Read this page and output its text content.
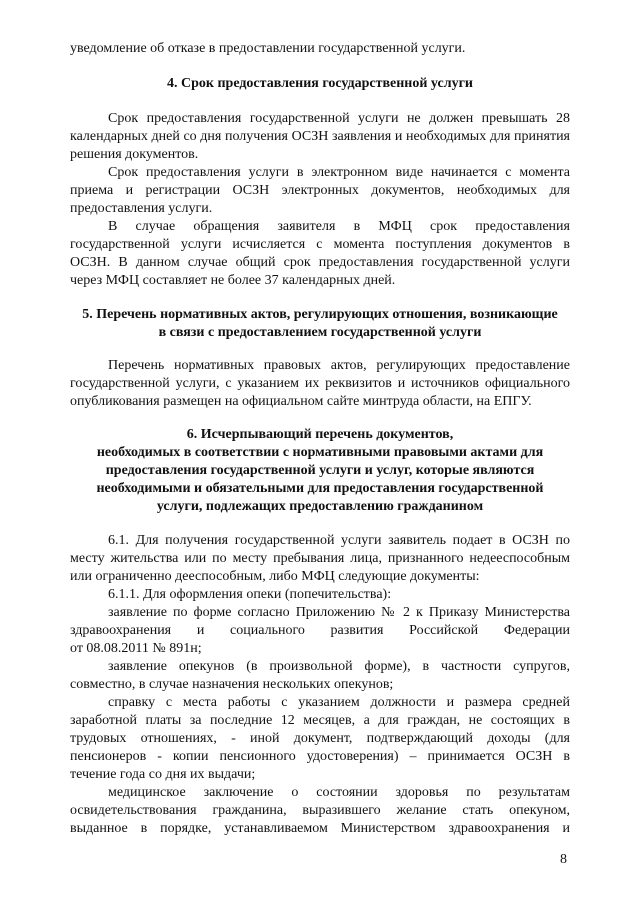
уведомление об отказе в предоставлении государственной услуги.
4. Срок предоставления государственной услуги
Срок предоставления государственной услуги не должен превышать 28
календарных дней со дня получения ОСЗН заявления и необходимых для принятия
решения документов.
Срок предоставления услуги в электронном виде начинается с момента
приема и регистрации ОСЗН электронных документов, необходимых для
предоставления услуги.
В случае обращения заявителя в МФЦ срок предоставления
государственной услуги исчисляется с момента поступления документов в
ОСЗН. В данном случае общий срок предоставления государственной услуги
через МФЦ составляет не более 37 календарных дней.
5. Перечень нормативных актов, регулирующих отношения, возникающие
в связи с предоставлением государственной услуги
Перечень нормативных правовых актов, регулирующих предоставление
государственной услуги, с указанием их реквизитов и источников официального
опубликования размещен на официальном сайте минтруда области, на ЕПГУ.
6. Исчерпывающий перечень документов,
необходимых в соответствии с нормативными правовыми актами для
предоставления государственной услуги и услуг, которые являются
необходимыми и обязательными для предоставления государственной
услуги, подлежащих предоставлению гражданином
6.1. Для получения государственной услуги заявитель подает в ОСЗН по
месту жительства или по месту пребывания лица, признанного недееспособным
или ограниченно дееспособным, либо МФЦ следующие документы:
6.1.1. Для оформления опеки (попечительства):
заявление по форме согласно Приложению № 2 к Приказу Министерства
здравоохранения и социального развития Российской Федерации
от 08.08.2011 № 891н;
заявление опекунов (в произвольной форме), в частности супругов,
совместно, в случае назначения нескольких опекунов;
справку с места работы с указанием должности и размера средней
заработной платы за последние 12 месяцев, а для граждан, не состоящих в
трудовых отношениях, - иной документ, подтверждающий доходы (для
пенсионеров - копии пенсионного удостоверения) – принимается ОСЗН в
течение года со дня их выдачи;
медицинское заключение о состоянии здоровья по результатам
освидетельствования гражданина, выразившего желание стать опекуном,
выданное в порядке, устанавливаемом Министерством здравоохранения и
8
